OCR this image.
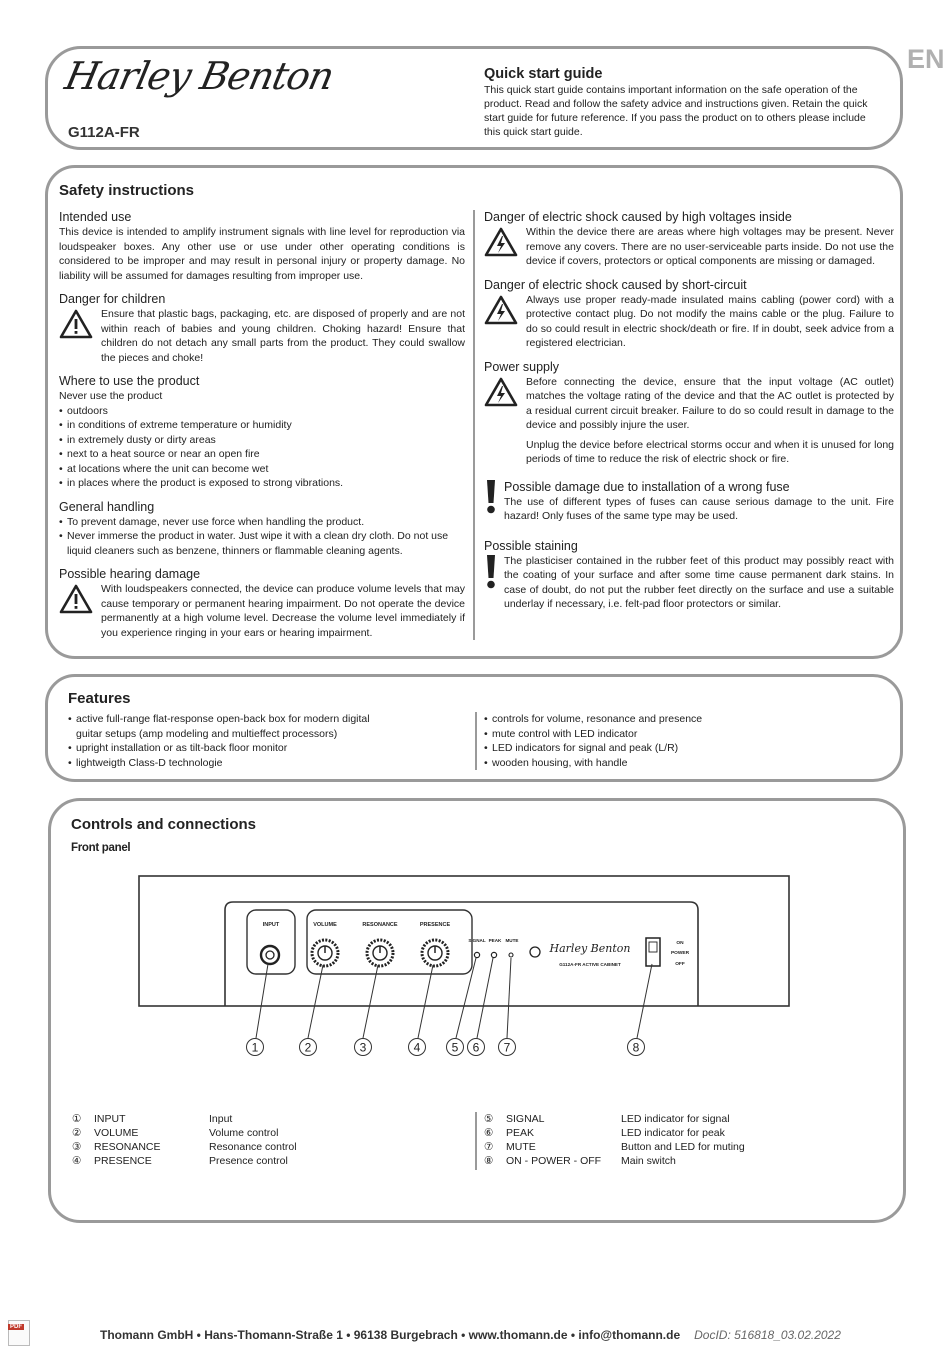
Harley Benton
G112A-FR
Quick start guide
This quick start guide contains important information on the safe operation of the product. Read and follow the safety advice and instructions given. Retain the quick start guide for future reference. If you pass the product on to others please include this quick start guide.
EN
Safety instructions
Intended use

This device is intended to amplify instrument signals with line level for reproduction via loudspeaker boxes. Any other use or use under other operating conditions is considered to be improper and may result in personal injury or property damage. No liability will be assumed for damages resulting from improper use.

Danger for children

Ensure that plastic bags, packaging, etc. are disposed of properly and are not within reach of babies and young children. Choking hazard! Ensure that children do not detach any small parts from the product. They could swallow the pieces and choke!

Where to use the product

Never use the product

• outdoors
• in conditions of extreme temperature or humidity
• in extremely dusty or dirty areas
• next to a heat source or near an open fire
• at locations where the unit can become wet
• in places where the product is exposed to strong vibrations.
General handling
• To prevent damage, never use force when handling the product.
• Never immerse the product in water. Just wipe it with a clean dry cloth. Do not use liquid cleaners such as benzene, thinners or flammable cleaning agents.
Possible hearing damage

With loudspeakers connected, the device can produce volume levels that may cause temporary or permanent hearing impairment. Do not operate the device permanently at a high volume level. Decrease the volume level immediately if you experience ringing in your ears or hearing impairment.

Danger of electric shock caused by high voltages inside

Within the device there are areas where high voltages may be present. Never remove any covers. There are no user-serviceable parts inside. Do not use the device if covers, protectors or optical components are missing or damaged.

Danger of electric shock caused by short-circuit

Always use proper ready-made insulated mains cabling (power cord) with a protective contact plug. Do not modify the mains cable or the plug. Failure to do so could result in electric shock/death or fire. If in doubt, seek advice from a registered electrician.

Power supply

Before connecting the device, ensure that the input voltage (AC outlet) matches the voltage rating of the device and that the AC outlet is protected by a residual current circuit breaker. Failure to do so could result in damage to the device and possibly injure the user.

Unplug the device before electrical storms occur and when it is unused for long periods of time to reduce the risk of electric shock or fire.

Possible damage due to installation of a wrong fuse

The use of different types of fuses can cause serious damage to the unit. Fire hazard! Only fuses of the same type may be used.

Possible staining

The plasticiser contained in the rubber feet of this product may possibly react with the coating of your surface and after some time cause permanent dark stains. In case of doubt, do not put the rubber feet directly on the surface and use a suitable underlay if necessary, i.e. felt-pad floor protectors or similar.

Features
• active full-range flat-response open-back box for modern digital guitar setups (amp modeling and multieffect processors)
• upright installation or as tilt-back floor monitor
• lightweigth Class-D technologie
• controls for volume, resonance and presence
• mute control with LED indicator
• LED indicators for signal and peak (L/R)
• wooden housing, with handle
Controls and connections
Front panel
INPUT	VOLUME	RESONANCE	PRESENCE
SIGNAL PEAK MUTE
Harley Benton
G112A-FR ACTIVE CABINET
ON
POWER
OFF
1	2	3	4	5 6 7	8
①	INPUT	Input
②	VOLUME	Volume control
③	RESONANCE	Resonance control
④	PRESENCE	Presence control
⑤	SIGNAL	LED indicator for signal
⑥	PEAK	LED indicator for peak
⑦	MUTE	Button and LED for muting
⑧	ON - POWER - OFF	Main switch
PDF
Thomann GmbH • Hans-Thomann-Straße 1 • 96138 Burgebrach • www.thomann.de • info@thomann.de DocID: 516818_03.02.2022
